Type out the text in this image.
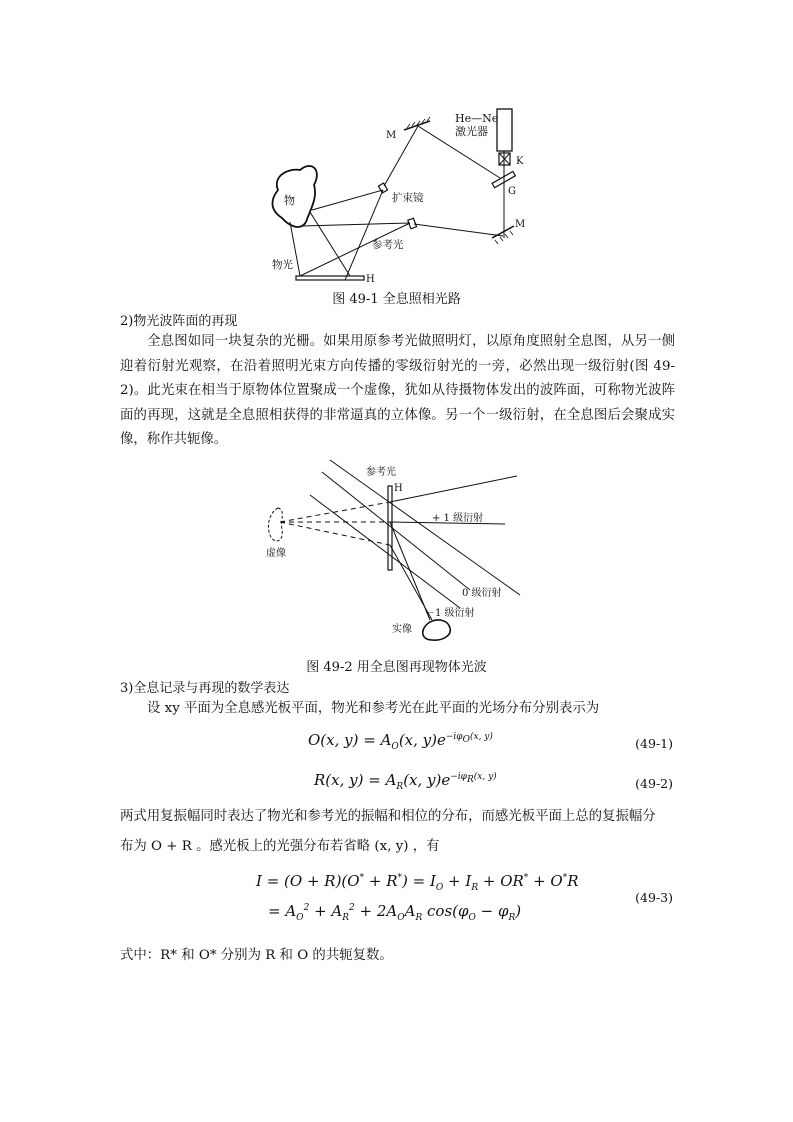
He—Ne
激光器
K
G
M
M
扩束镜
物
参考光
物光
H
图 49-1 全息照相光路
2)物光波阵面的再现
全息图如同一块复杂的光栅。如果用原参考光做照明灯，以原角度照射全息图，从另一侧迎着衍射光观察，在沿着照明光束方向传播的零级衍射光的一旁，必然出现一级衍射(图 49-2)。此光束在相当于原物体位置聚成一个虚像，犹如从待摄物体发出的波阵面，可称物光波阵面的再现，这就是全息照相获得的非常逼真的立体像。另一个一级衍射，在全息图后会聚成实像，称作共轭像。
参考光
+ 1 级衍射
虚像
H
0 级衍射
－1 级衍射
实像
图 49-2 用全息图再现物体光波
3)全息记录与再现的数学表达
设 xy 平面为全息感光板平面，物光和参考光在此平面的光场分布分别表示为
O(x, $y) = A_O(x$, $y)e^{-i\varphi_O(x, y)}$	(49-1)
R(x, $y) = A_R(x$, $y)e^{-i\varphi_R(x, y)}$	(49-2)
两式用复振幅同时表达了物光和参考光的振幅和相位的分布，而感光板平面上总的复振幅分
布为 O + R 。感光板上的光强分布若省略 (x, y) ，有
$I = (O + R)(O^* + R^*) = I_O + I_R + OR^* + O^*R$
= $A_O^2 + A_R^2 + 2A_OA_R$ $\cos(\varphi_O - \varphi_R)$
(49-3)
式中：R* 和 O* 分别为 R 和 O 的共轭复数。
